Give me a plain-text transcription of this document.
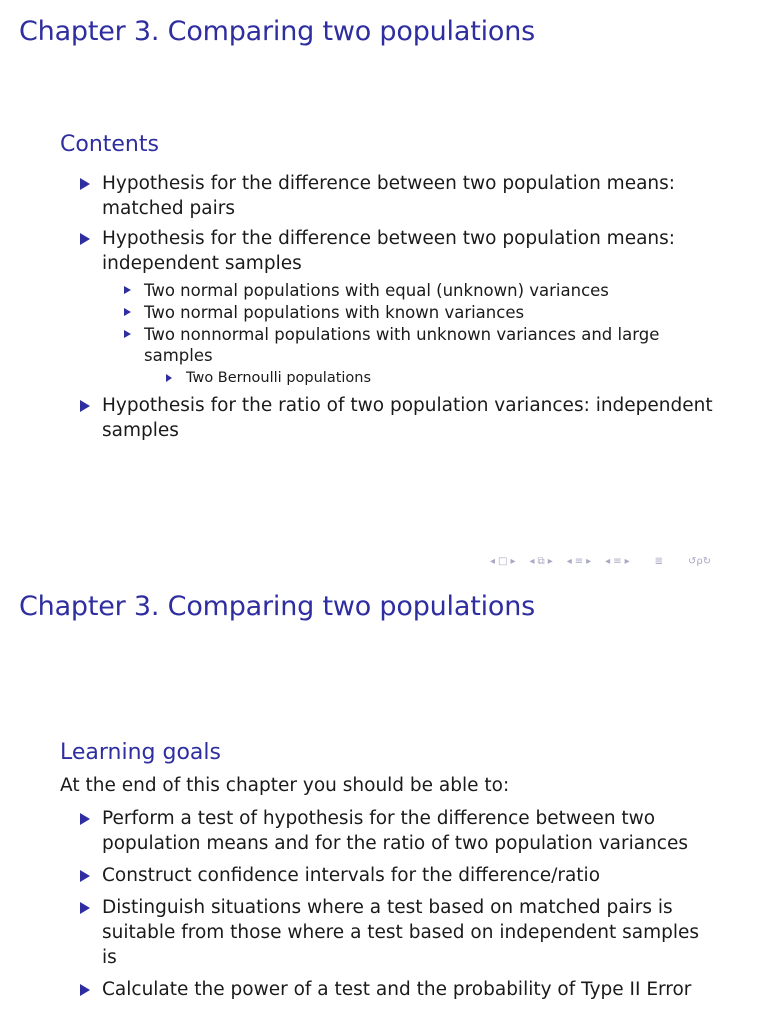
Chapter 3. Comparing two populations
Contents
Hypothesis for the difference between two population means: matched pairs
Hypothesis for the difference between two population means: independent samples
Two normal populations with equal (unknown) variances
Two normal populations with known variances
Two nonnormal populations with unknown variances and large samples
Two Bernoulli populations
Hypothesis for the ratio of two population variances: independent samples
◂ □ ▸ ◂ ⧉ ▸ ◂ ≡ ▸ ◂ ≡ ▸	≣	↺ρ↻
Chapter 3. Comparing two populations
Learning goals
At the end of this chapter you should be able to:
Perform a test of hypothesis for the difference between two population means and for the ratio of two population variances
Construct confidence intervals for the difference/ratio
Distinguish situations where a test based on matched pairs is suitable from those where a test based on independent samples is
Calculate the power of a test and the probability of Type II Error
